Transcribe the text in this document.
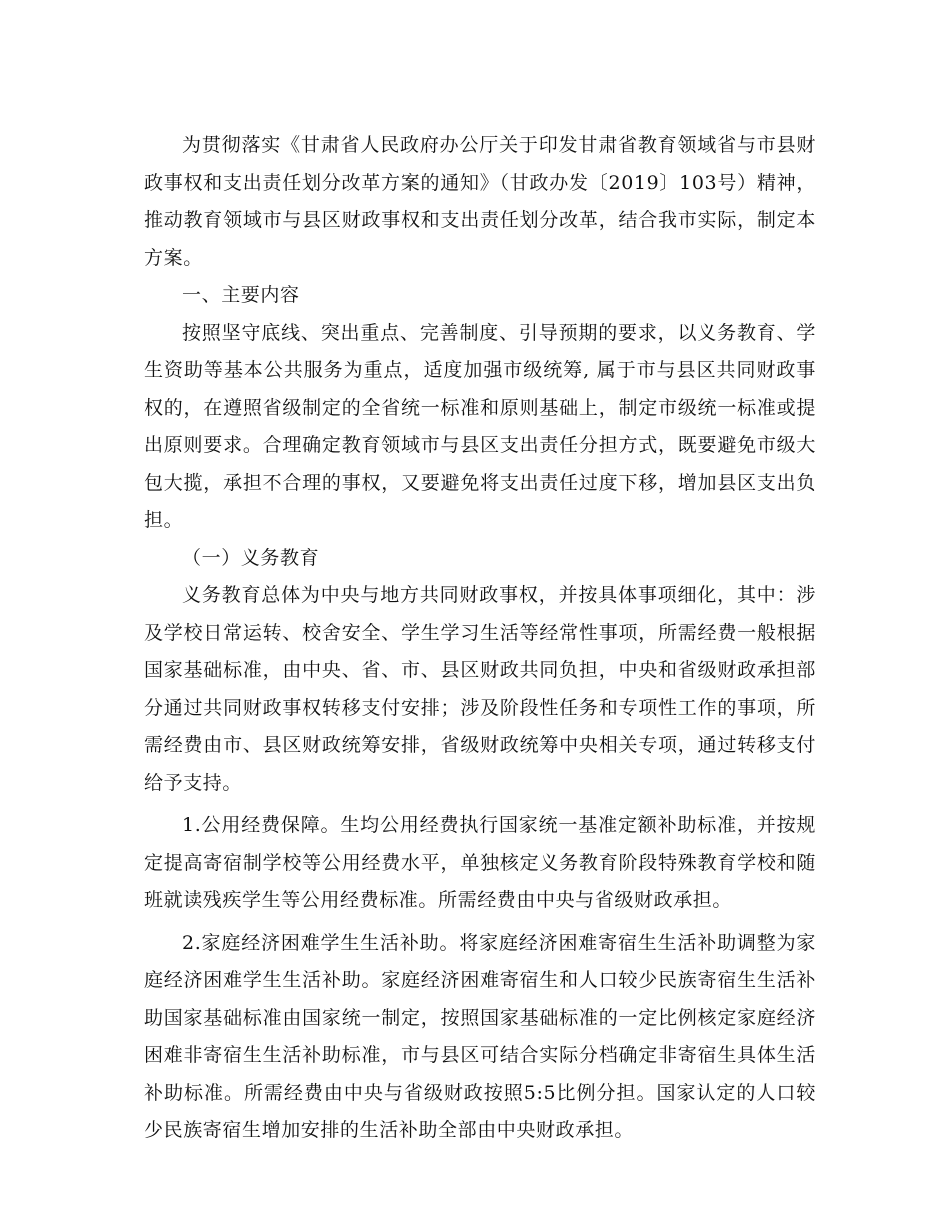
为贯彻落实《甘肃省人民政府办公厅关于印发甘肃省教育领域省与市县财政事权和支出责任划分改革方案的通知》（甘政办发〔2019〕103号）精神，推动教育领域市与县区财政事权和支出责任划分改革，结合我市实际，制定本方案。

一、主要内容

按照坚守底线、突出重点、完善制度、引导预期的要求，以义务教育、学生资助等基本公共服务为重点，适度加强市级统筹, 属于市与县区共同财政事权的，在遵照省级制定的全省统一标准和原则基础上，制定市级统一标准或提出原则要求。合理确定教育领域市与县区支出责任分担方式，既要避免市级大包大揽，承担不合理的事权，又要避免将支出责任过度下移，增加县区支出负担。

（一）义务教育

义务教育总体为中央与地方共同财政事权，并按具体事项细化，其中：涉及学校日常运转、校舍安全、学生学习生活等经常性事项，所需经费一般根据国家基础标准，由中央、省、市、县区财政共同负担，中央和省级财政承担部分通过共同财政事权转移支付安排；涉及阶段性任务和专项性工作的事项，所需经费由市、县区财政统筹安排，省级财政统筹中央相关专项，通过转移支付给予支持。

1.公用经费保障。生均公用经费执行国家统一基准定额补助标准，并按规定提高寄宿制学校等公用经费水平，单独核定义务教育阶段特殊教育学校和随班就读残疾学生等公用经费标准。所需经费由中央与省级财政承担。

2.家庭经济困难学生生活补助。将家庭经济困难寄宿生生活补助调整为家庭经济困难学生生活补助。家庭经济困难寄宿生和人口较少民族寄宿生生活补助国家基础标准由国家统一制定，按照国家基础标准的一定比例核定家庭经济困难非寄宿生生活补助标准，市与县区可结合实际分档确定非寄宿生具体生活补助标准。所需经费由中央与省级财政按照5:5比例分担。国家认定的人口较少民族寄宿生增加安排的生活补助全部由中央财政承担。
